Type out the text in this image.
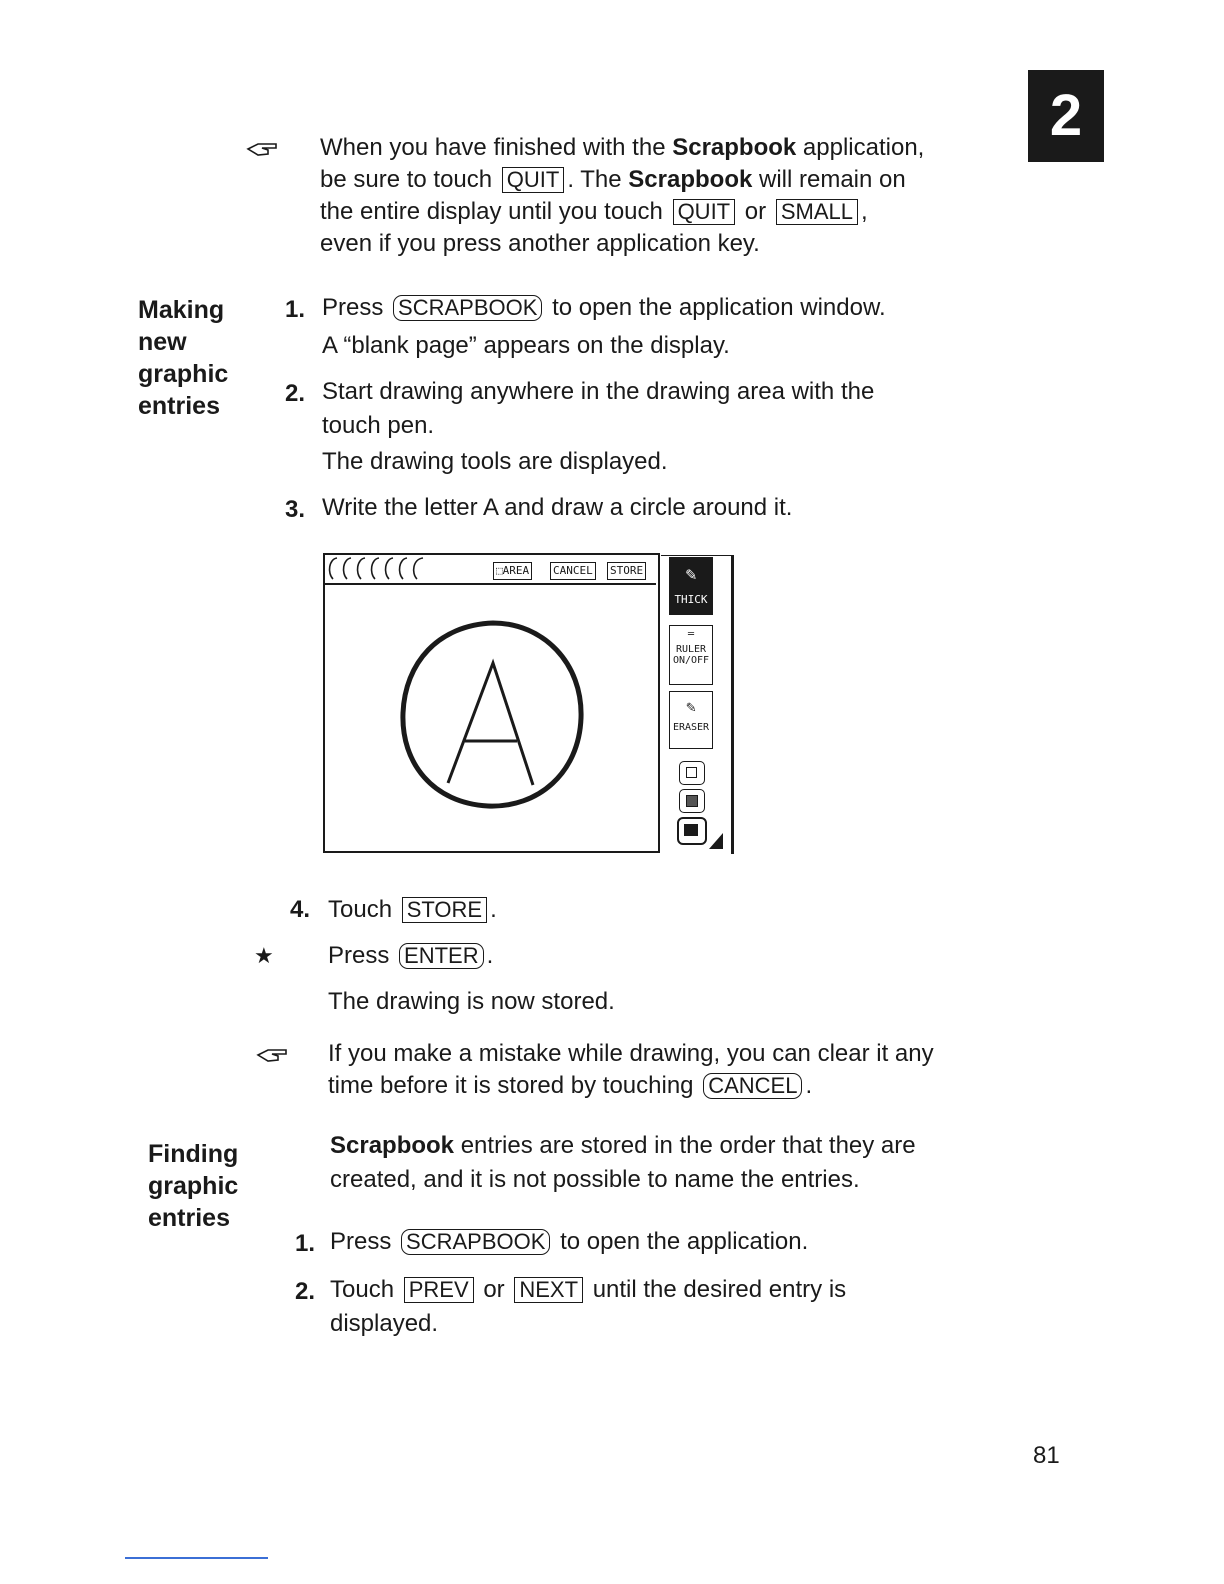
2
When you have finished with the Scrapbook application,
be sure to touch QUIT . The Scrapbook will remain on
the entire display until you touch QUIT or SMALL ,
even if you press another application key.
Making
new
graphic
entries
1. Press SCRAPBOOK to open the application window.
A “blank page” appears on the display.
2. Start drawing anywhere in the drawing area with the
touch pen.
The drawing tools are displayed.
3. Write the letter A and draw a circle around it.
⬚AREA CANCEL STORE	✎
THICK
═
RULER
ON/OFF
✎
ERASER
4. Touch STORE .
★ Press ENTER .
The drawing is now stored.
If you make a mistake while drawing, you can clear it any
time before it is stored by touching CANCEL .
Finding
graphic
entries
Scrapbook entries are stored in the order that they are
created, and it is not possible to name the entries.
1. Press SCRAPBOOK to open the application.
2. Touch PREV or NEXT until the desired entry is
displayed.
81
